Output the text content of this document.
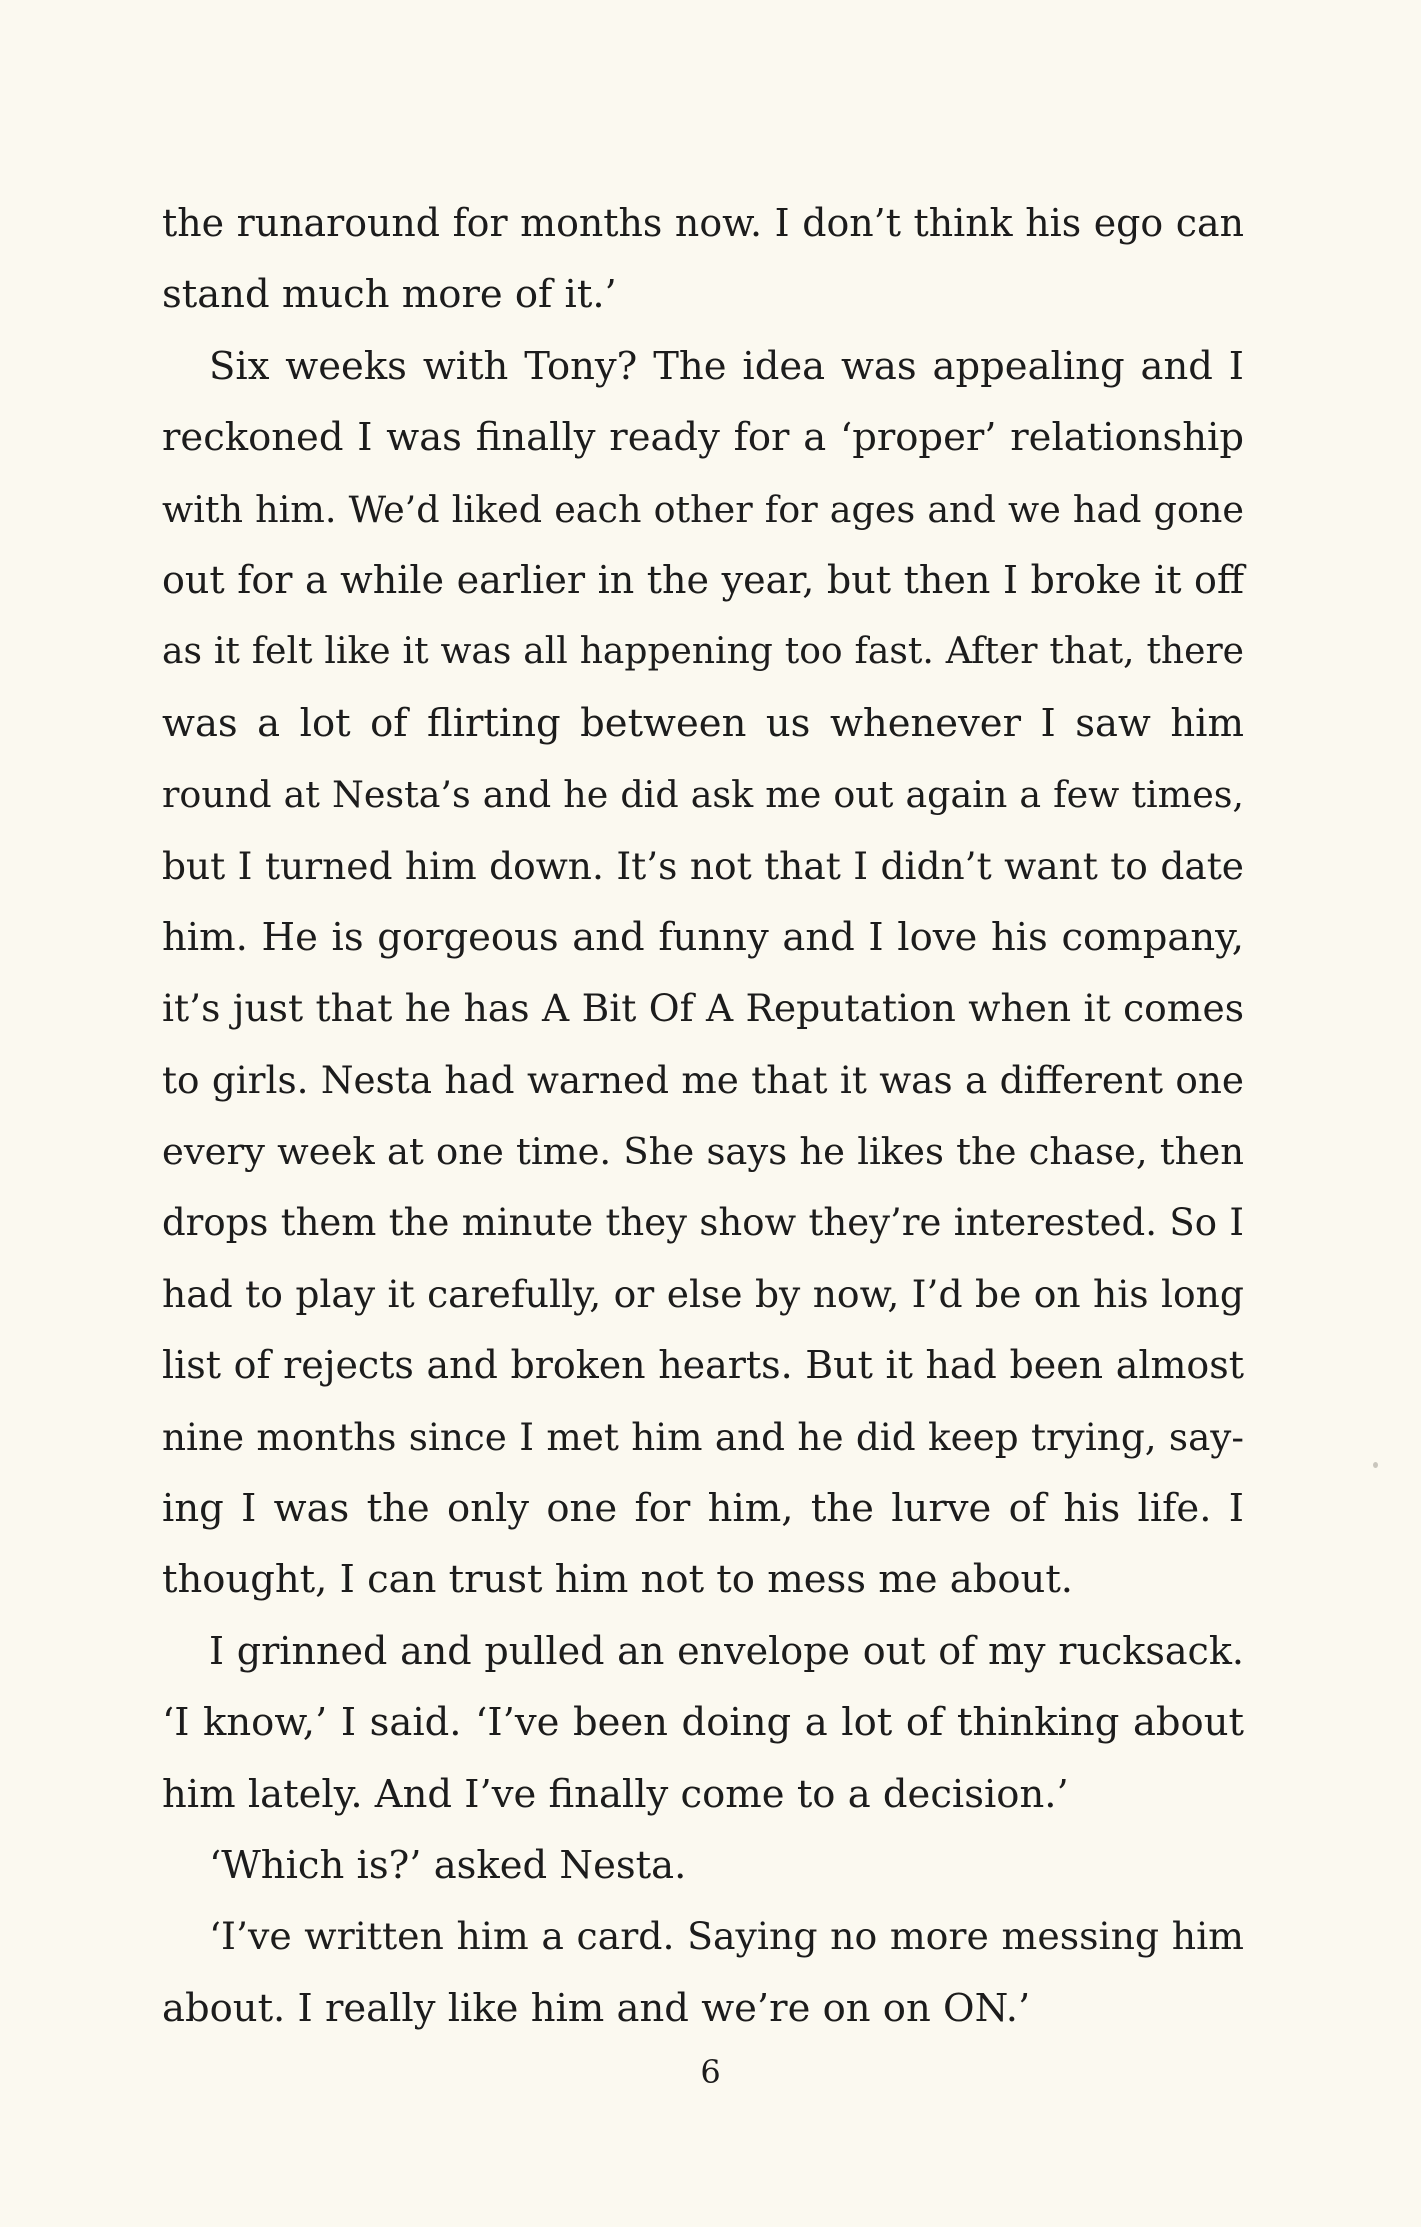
the runaround for months now. I don’t think his ego can
stand much more of it.’
Six weeks with Tony? The idea was appealing and I
reckoned I was finally ready for a ‘proper’ relationship
with him. We’d liked each other for ages and we had gone
out for a while earlier in the year, but then I broke it off
as it felt like it was all happening too fast. After that, there
was a lot of flirting between us whenever I saw him
round at Nesta’s and he did ask me out again a few times,
but I turned him down. It’s not that I didn’t want to date
him. He is gorgeous and funny and I love his company,
it’s just that he has A Bit Of A Reputation when it comes
to girls. Nesta had warned me that it was a different one
every week at one time. She says he likes the chase, then
drops them the minute they show they’re interested. So I
had to play it carefully, or else by now, I’d be on his long
list of rejects and broken hearts. But it had been almost
nine months since I met him and he did keep trying, say-
ing I was the only one for him, the lurve of his life. I
thought, I can trust him not to mess me about.
I grinned and pulled an envelope out of my rucksack.
‘I know,’ I said. ‘I’ve been doing a lot of thinking about
him lately. And I’ve finally come to a decision.’
‘Which is?’ asked Nesta.
‘I’ve written him a card. Saying no more messing him
about. I really like him and we’re on on ON.’
6
